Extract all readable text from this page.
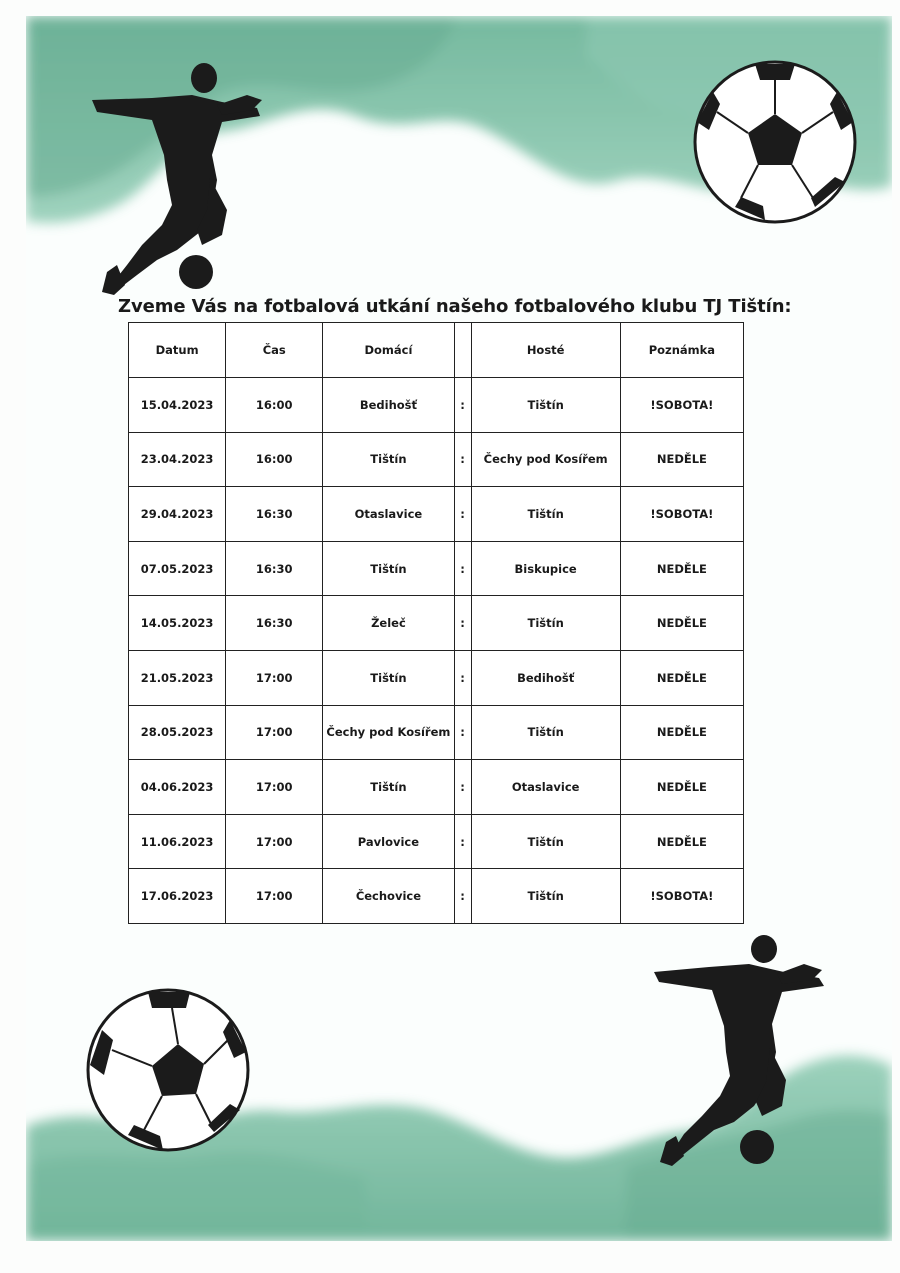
Zveme Vás na fotbalová utkání našeho fotbalového klubu TJ Tištín:
Datum	Čas	Domácí		Hosté	Poznámka
15.04.2023	16:00	Bedihošť	:	Tištín	!SOBOTA!
23.04.2023	16:00	Tištín	:	Čechy pod Kosířem	NEDĚLE
29.04.2023	16:30	Otaslavice	:	Tištín	!SOBOTA!
07.05.2023	16:30	Tištín	:	Biskupice	NEDĚLE
14.05.2023	16:30	Želeč	:	Tištín	NEDĚLE
21.05.2023	17:00	Tištín	:	Bedihošť	NEDĚLE
28.05.2023	17:00	Čechy pod Kosířem	:	Tištín	NEDĚLE
04.06.2023	17:00	Tištín	:	Otaslavice	NEDĚLE
11.06.2023	17:00	Pavlovice	:	Tištín	NEDĚLE
17.06.2023	17:00	Čechovice	:	Tištín	!SOBOTA!
